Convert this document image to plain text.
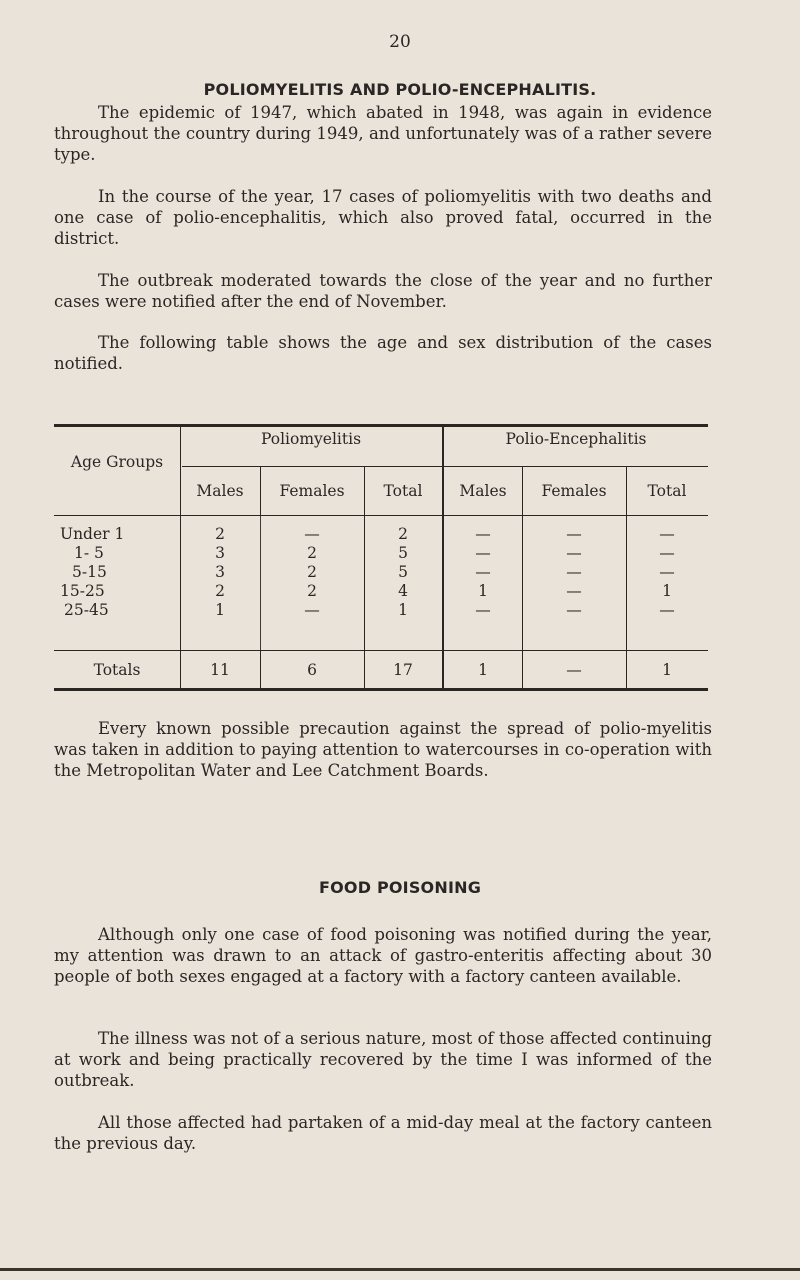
20
POLIOMYELITIS AND POLIO-ENCEPHALITIS.

The epidemic of 1947, which abated in 1948, was again in evidence throughout the country during 1949, and unfortunately was of a rather severe type.

In the course of the year, 17 cases of poliomyelitis with two deaths and one case of polio-encephalitis, which also proved fatal, occurred in the district.

The outbreak moderated towards the close of the year and no further cases were notified after the end of November.

The following table shows the age and sex distribution of the cases notified.

Age Groups
Poliomyelitis	Polio-Encephalitis
Males	Females	Total	Males	Females	Total
Under 1	2	—	2	—	—	—
1- 5	3	2	5	—	—	—
5-15	3	2	5	—	—	—
15-25	2	2	4	1	—	1
25-45	1	—	1	—	—	—
Totals	11	6	17	1	—	1

Every known possible precaution against the spread of polio-myelitis was taken in addition to paying attention to watercourses in co-operation with the Metropolitan Water and Lee Catchment Boards.

FOOD POISONING

Although only one case of food poisoning was notified during the year, my attention was drawn to an attack of gastro-enteritis affecting about 30 people of both sexes engaged at a factory with a factory canteen available.

The illness was not of a serious nature, most of those affected continuing at work and being practically recovered by the time I was informed of the outbreak.

All those affected had partaken of a mid-day meal at the factory canteen the previous day.
